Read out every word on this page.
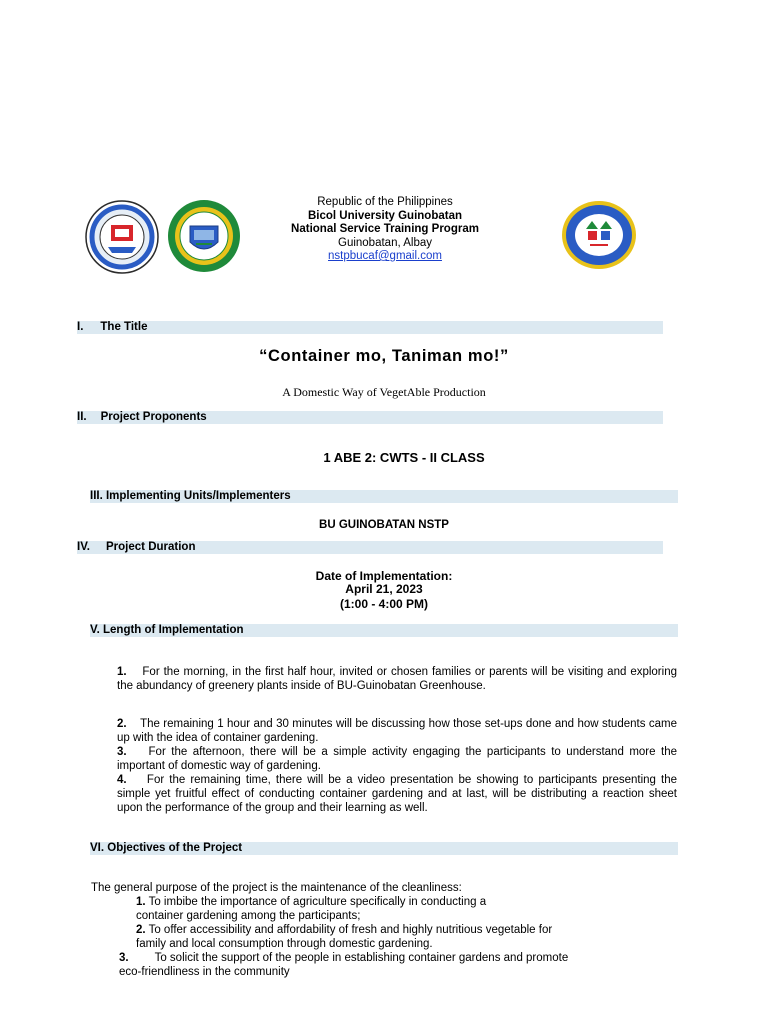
Republic of the Philippines
Bicol University Guinobatan
National Service Training Program
Guinobatan, Albay
nstpbucaf@gmail.com
I. The Title
“Container mo, Taniman mo!”
A Domestic Way of VegetAble Production
II. Project Proponents
1 ABE 2: CWTS - II CLASS
III. Implementing Units/Implementers
BU GUINOBATAN NSTP
IV. Project Duration
Date of Implementation:
April 21, 2023
(1:00 - 4:00 PM)
V. Length of Implementation
1. For the morning, in the first half hour, invited or chosen families or parents will be visiting and exploring the abundancy of greenery plants inside of BU-Guinobatan Greenhouse.
2. The remaining 1 hour and 30 minutes will be discussing how those set-ups done and how students came up with the idea of container gardening.
3. For the afternoon, there will be a simple activity engaging the participants to understand more the important of domestic way of gardening.
4. For the remaining time, there will be a video presentation be showing to participants presenting the simple yet fruitful effect of conducting container gardening and at last, will be distributing a reaction sheet upon the performance of the group and their learning as well.
VI. Objectives of the Project
The general purpose of the project is the maintenance of the cleanliness:
1. To imbibe the importance of agriculture specifically in conducting a
container gardening among the participants;
2. To offer accessibility and affordability of fresh and highly nutritious vegetable for
family and local consumption through domestic gardening.
3. To solicit the support of the people in establishing container gardens and promote
eco-friendliness in the community
